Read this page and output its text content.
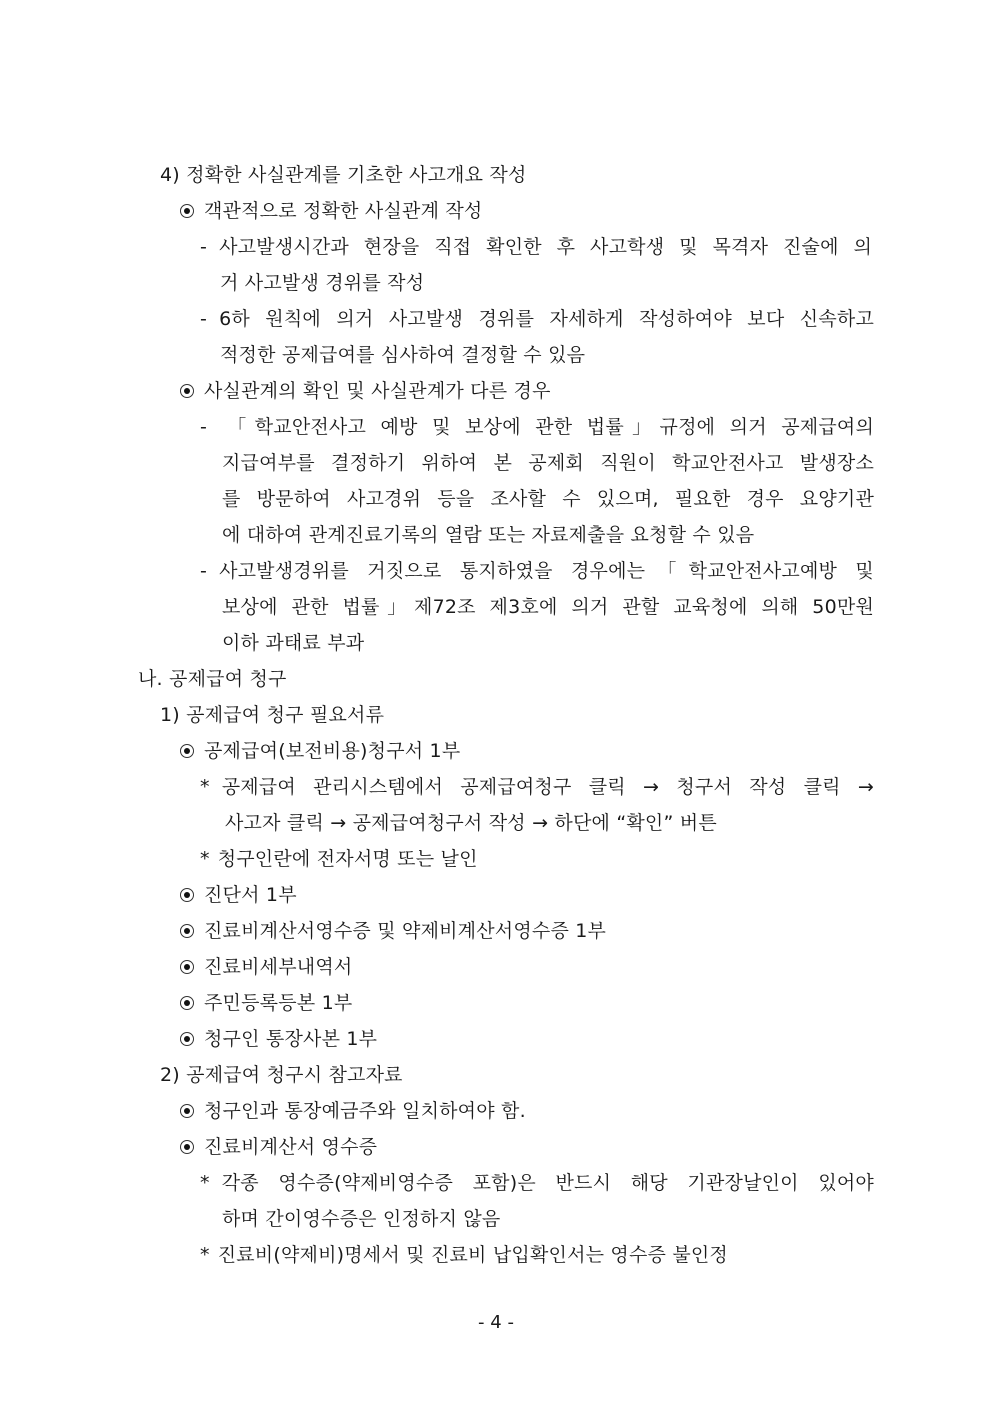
4) 정확한 사실관계를 기초한 사고개요 작성
객관적으로 정확한 사실관계 작성
- 사고발생시간과 현장을 직접 확인한 후 사고학생 및 목격자 진술에 의
거 사고발생 경위를 작성
- 6하 원칙에 의거 사고발생 경위를 자세하게 작성하여야 보다 신속하고
적정한 공제급여를 심사하여 결정할 수 있음
사실관계의 확인 및 사실관계가 다른 경우
- 「학교안전사고 예방 및 보상에 관한 법률」규정에 의거 공제급여의
지급여부를 결정하기 위하여 본 공제회 직원이 학교안전사고 발생장소
를 방문하여 사고경위 등을 조사할 수 있으며, 필요한 경우 요양기관
에 대하여 관계진료기록의 열람 또는 자료제출을 요청할 수 있음
- 사고발생경위를 거짓으로 통지하였을 경우에는「학교안전사고예방 및
보상에 관한 법률」제72조 제3호에 의거 관할 교육청에 의해 50만원
이하 과태료 부과
나. 공제급여 청구
1) 공제급여 청구 필요서류
공제급여(보전비용)청구서 1부
* 공제급여 관리시스템에서 공제급여청구 클릭 → 청구서 작성 클릭 →
사고자 클릭 → 공제급여청구서 작성 → 하단에 “확인” 버튼
* 청구인란에 전자서명 또는 날인
진단서 1부
진료비계산서영수증 및 약제비계산서영수증 1부
진료비세부내역서
주민등록등본 1부
청구인 통장사본 1부
2) 공제급여 청구시 참고자료
청구인과 통장예금주와 일치하여야 함.
진료비계산서 영수증
* 각종 영수증(약제비영수증 포함)은 반드시 해당 기관장날인이 있어야
하며 간이영수증은 인정하지 않음
* 진료비(약제비)명세서 및 진료비 납입확인서는 영수증 불인정
- 4 -
